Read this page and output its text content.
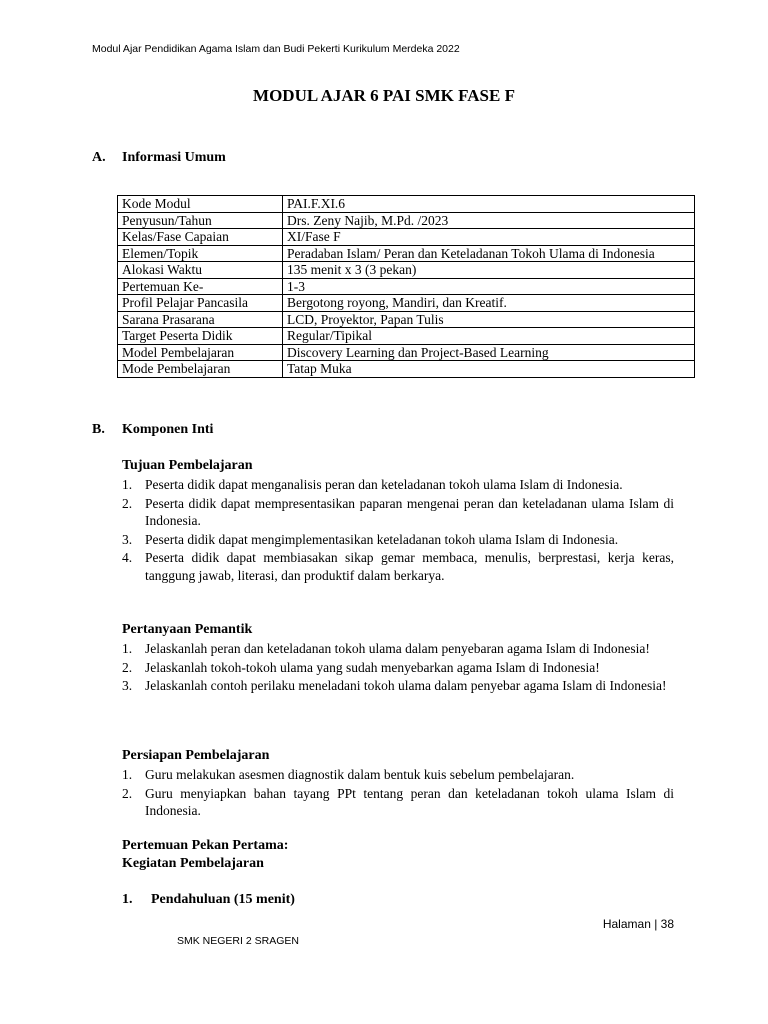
Modul Ajar Pendidikan Agama Islam dan Budi Pekerti Kurikulum Merdeka 2022
MODUL AJAR 6 PAI SMK FASE F
A. Informasi Umum
Kode Modul	PAI.F.XI.6
Penyusun/Tahun	Drs. Zeny Najib, M.Pd. /2023
Kelas/Fase Capaian	XI/Fase F
Elemen/Topik	Peradaban Islam/ Peran dan Keteladanan Tokoh Ulama di Indonesia
Alokasi Waktu	135 menit x 3 (3 pekan)
Pertemuan Ke-	1-3
Profil Pelajar Pancasila	Bergotong royong, Mandiri, dan Kreatif.
Sarana Prasarana	LCD, Proyektor, Papan Tulis
Target Peserta Didik	Regular/Tipikal
Model Pembelajaran	Discovery Learning dan Project-Based Learning
Mode Pembelajaran	Tatap Muka
B. Komponen Inti
Tujuan Pembelajaran
1. Peserta didik dapat menganalisis peran dan keteladanan tokoh ulama Islam di Indonesia.
2. Peserta didik dapat mempresentasikan paparan mengenai peran dan keteladanan ulama Islam di Indonesia.
3. Peserta didik dapat mengimplementasikan keteladanan tokoh ulama Islam di Indonesia.
4. Peserta didik dapat membiasakan sikap gemar membaca, menulis, berprestasi, kerja keras, tanggung jawab, literasi, dan produktif dalam berkarya.
Pertanyaan Pemantik
1. Jelaskanlah peran dan keteladanan tokoh ulama dalam penyebaran agama Islam di Indonesia!
2. Jelaskanlah tokoh-tokoh ulama yang sudah menyebarkan agama Islam di Indonesia!
3. Jelaskanlah contoh perilaku meneladani tokoh ulama dalam penyebar agama Islam di Indonesia!
Persiapan Pembelajaran
1. Guru melakukan asesmen diagnostik dalam bentuk kuis sebelum pembelajaran.
2. Guru menyiapkan bahan tayang PPt tentang peran dan keteladanan tokoh ulama Islam di Indonesia.
Pertemuan Pekan Pertama:
Kegiatan Pembelajaran
1. Pendahuluan (15 menit)
Halaman | 38
SMK NEGERI 2 SRAGEN
